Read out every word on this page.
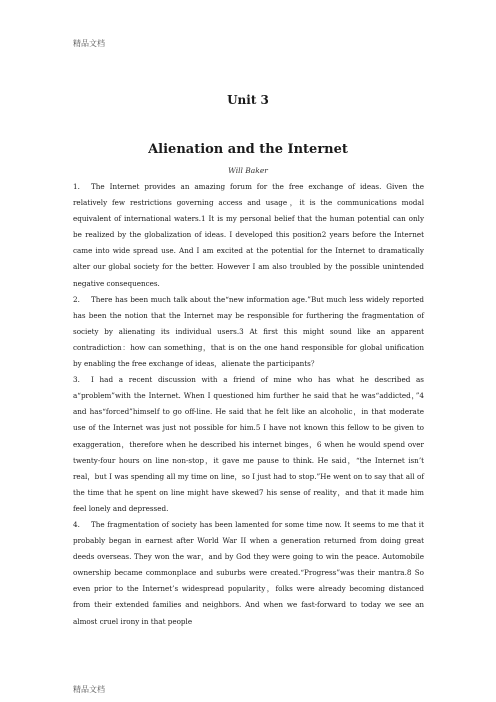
精品文档
Unit 3
Alienation and the Internet
Will Baker

1. The Internet provides an amazing forum for the free exchange of ideas. Given the relatively few restrictions governing access and usage，it is the communications modal equivalent of international waters.1 It is my personal belief that the human potential can only be realized by the globalization of ideas. I developed this position2 years before the Internet came into wide spread use. And I am excited at the potential for the Internet to dramatically alter our global society for the better. However I am also troubled by the possible unintended negative consequences.

2. There has been much talk about the“new information age.”But much less widely reported has been the notion that the Internet may be responsible for furthering the fragmentation of society by alienating its individual users.3 At first this might sound like an apparent contradiction：how can something，that is on the one hand responsible for global unification by enabling the free exchange of ideas，alienate the participants？

3. I had a recent discussion with a friend of mine who has what he described as a“problem”with the Internet. When I questioned him further he said that he was“addicted，”4 and has“forced”himself to go off-line. He said that he felt like an alcoholic，in that moderate use of the Internet was just not possible for him.5 I have not known this fellow to be given to exaggeration，therefore when he described his internet binges，6 when he would spend over twenty-four hours on line non-stop，it gave me pause to think. He said，“the Internet isn’t real，but I was spending all my time on line，so I just had to stop.”He went on to say that all of the time that he spent on line might have skewed7 his sense of reality，and that it made him feel lonely and depressed.

4. The fragmentation of society has been lamented for some time now. It seems to me that it probably began in earnest after World War II when a generation returned from doing great deeds overseas. They won the war，and by God they were going to win the peace. Automobile ownership became commonplace and suburbs were created.“Progress”was their mantra.8 So even prior to the Internet’s widespread popularity，folks were already becoming distanced from their extended families and neighbors. And when we fast-forward to today we see an almost cruel irony in that people

精品文档
